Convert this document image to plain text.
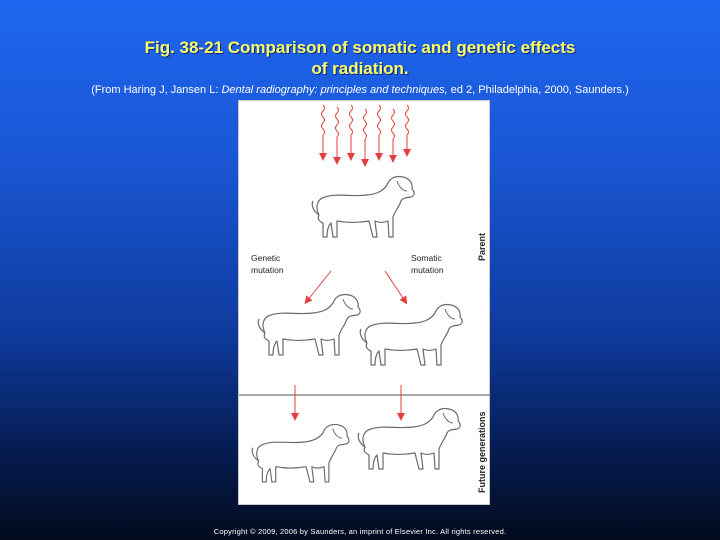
Fig. 38-21 Comparison of somatic and genetic effects
of radiation.
(From Haring J, Jansen L: Dental radiography: principles and techniques, ed 2, Philadelphia, 2000, Saunders.)
Genetic
mutation
Somatic
mutation
Parent
Future generations
Copyright © 2009, 2006 by Saunders, an imprint of Elsevier Inc. All rights reserved.
